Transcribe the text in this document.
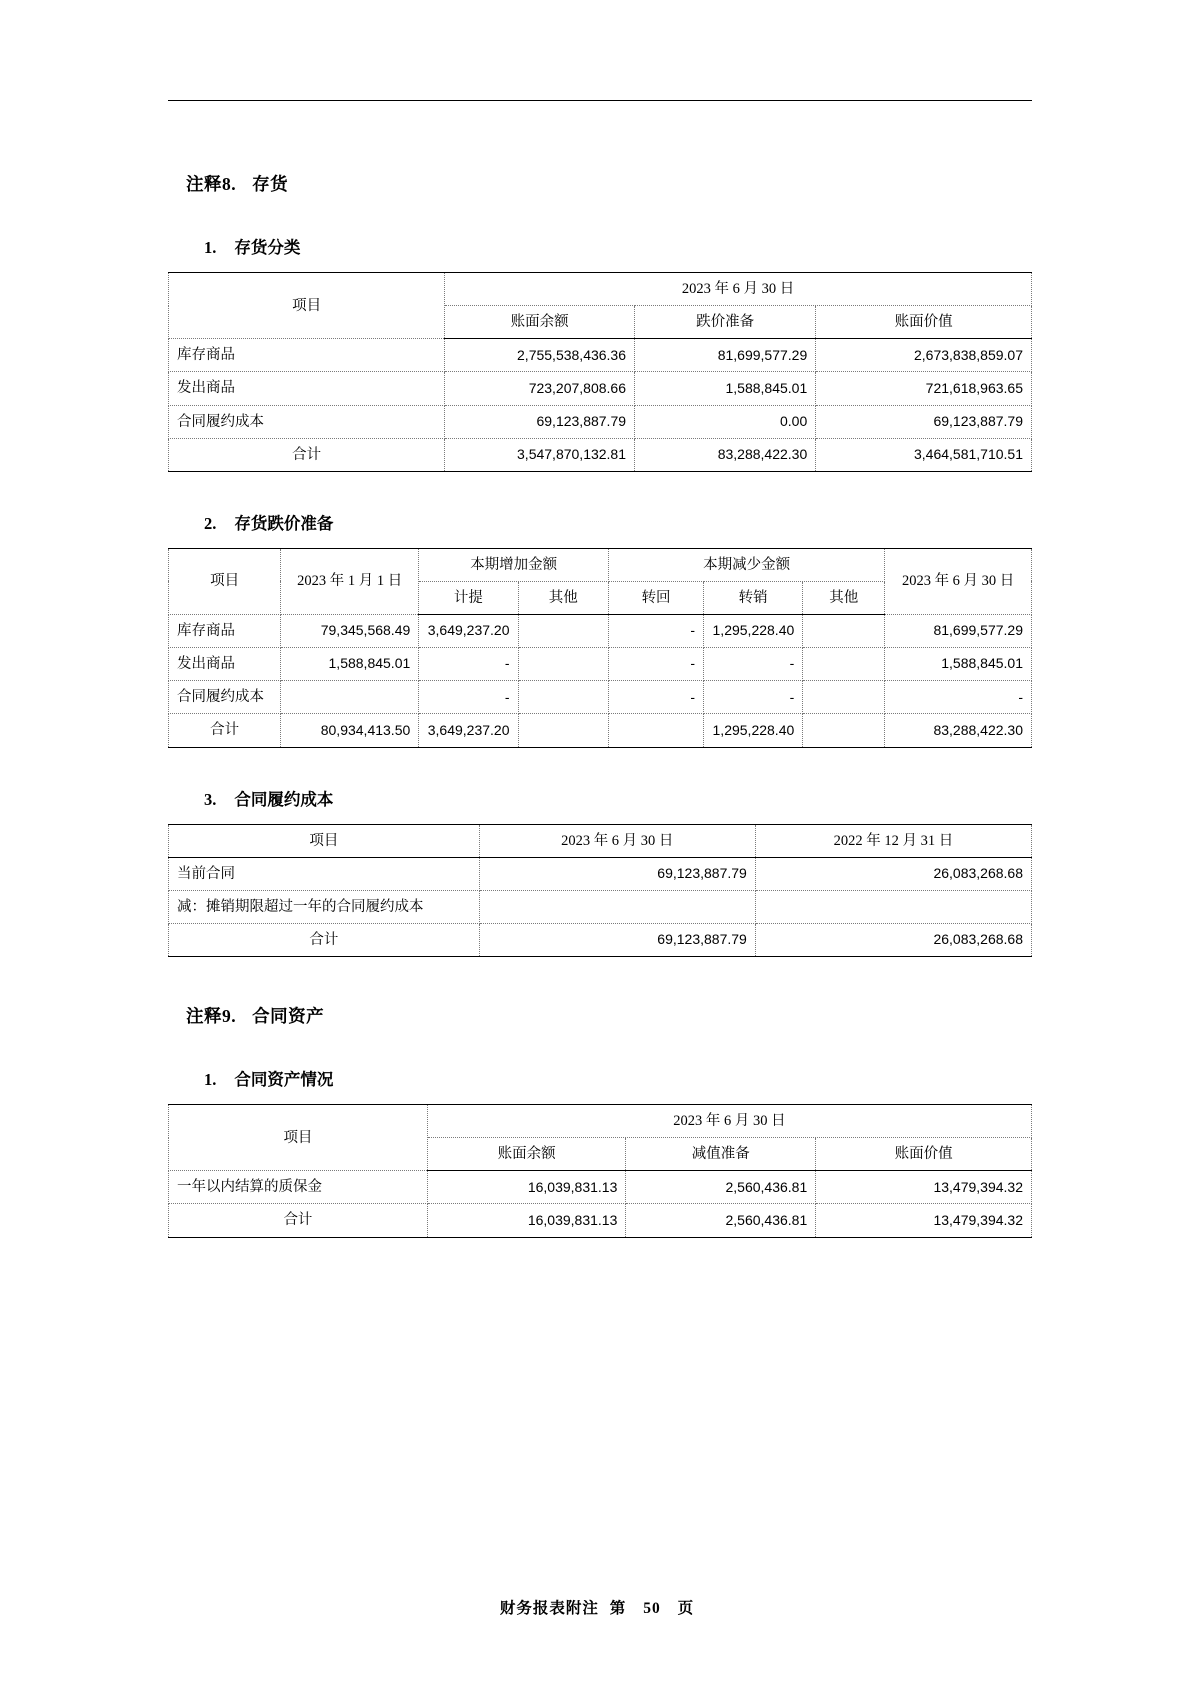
注释8. 存货
1. 存货分类
项目	2023 年 6 月 30 日		
	账面余额	跌价准备	账面价值
库存商品	2,755,538,436.36	81,699,577.29	2,673,838,859.07
发出商品	723,207,808.66	1,588,845.01	721,618,963.65
合同履约成本	69,123,887.79	0.00	69,123,887.79
合计	3,547,870,132.81	83,288,422.30	3,464,581,710.51
2. 存货跌价准备
项目	2023 年 1 月 1 日	本期增加金额		本期减少金额			2023 年 6 月 30 日
		计提	其他	转回	转销	其他	
库存商品	79,345,568.49	3,649,237.20		-	1,295,228.40		81,699,577.29
发出商品	1,588,845.01	-		-	-		1,588,845.01
合同履约成本		-		-	-		-
合计	80,934,413.50	3,649,237.20			1,295,228.40		83,288,422.30
3. 合同履约成本
项目	2023 年 6 月 30 日	2022 年 12 月 31 日
当前合同	69,123,887.79	26,083,268.68
减：摊销期限超过一年的合同履约成本		
合计	69,123,887.79	26,083,268.68
注释9. 合同资产
1. 合同资产情况
项目	2023 年 6 月 30 日		
	账面余额	减值准备	账面价值
一年以内结算的质保金	16,039,831.13	2,560,436.81	13,479,394.32
合计	16,039,831.13	2,560,436.81	13,479,394.32
财务报表附注 第 50 页
